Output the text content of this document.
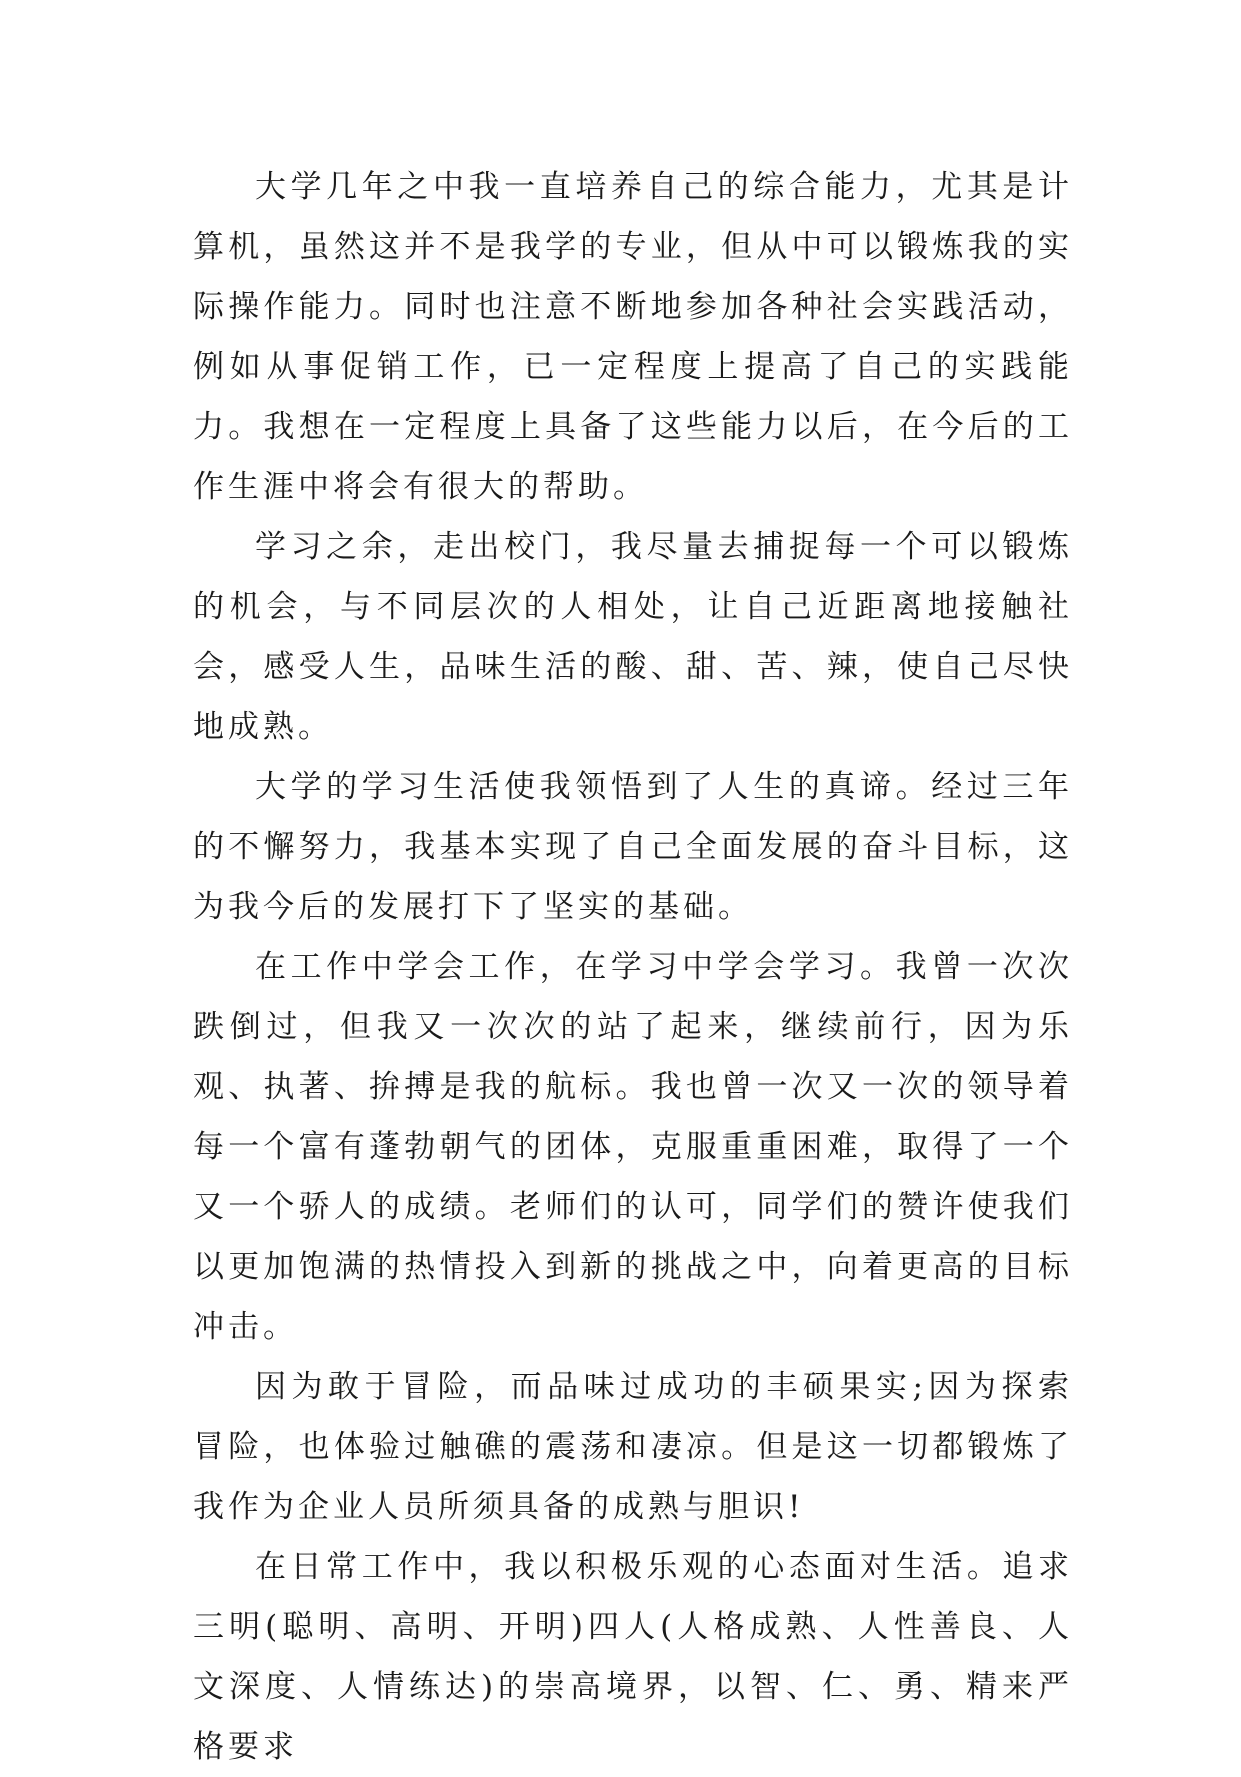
大学几年之中我一直培养自己的综合能力，尤其是计算机，虽然这并不是我学的专业，但从中可以锻炼我的实际操作能力。同时也注意不断地参加各种社会实践活动，例如从事促销工作，已一定程度上提高了自己的实践能力。我想在一定程度上具备了这些能力以后，在今后的工作生涯中将会有很大的帮助。

学习之余，走出校门，我尽量去捕捉每一个可以锻炼的机会，与不同层次的人相处，让自己近距离地接触社会，感受人生，品味生活的酸、甜、苦、辣，使自己尽快地成熟。

大学的学习生活使我领悟到了人生的真谛。经过三年的不懈努力，我基本实现了自己全面发展的奋斗目标，这为我今后的发展打下了坚实的基础。

在工作中学会工作，在学习中学会学习。我曾一次次跌倒过，但我又一次次的站了起来，继续前行，因为乐观、执著、拚搏是我的航标。我也曾一次又一次的领导着每一个富有蓬勃朝气的团体，克服重重困难，取得了一个又一个骄人的成绩。老师们的认可，同学们的赞许使我们以更加饱满的热情投入到新的挑战之中，向着更高的目标冲击。

因为敢于冒险，而品味过成功的丰硕果实;因为探索冒险，也体验过触礁的震荡和凄凉。但是这一切都锻炼了我作为企业人员所须具备的成熟与胆识!

在日常工作中，我以积极乐观的心态面对生活。追求三明(聪明、高明、开明)四人(人格成熟、人性善良、人文深度、人情练达)的崇高境界，以智、仁、勇、精来严格要求
